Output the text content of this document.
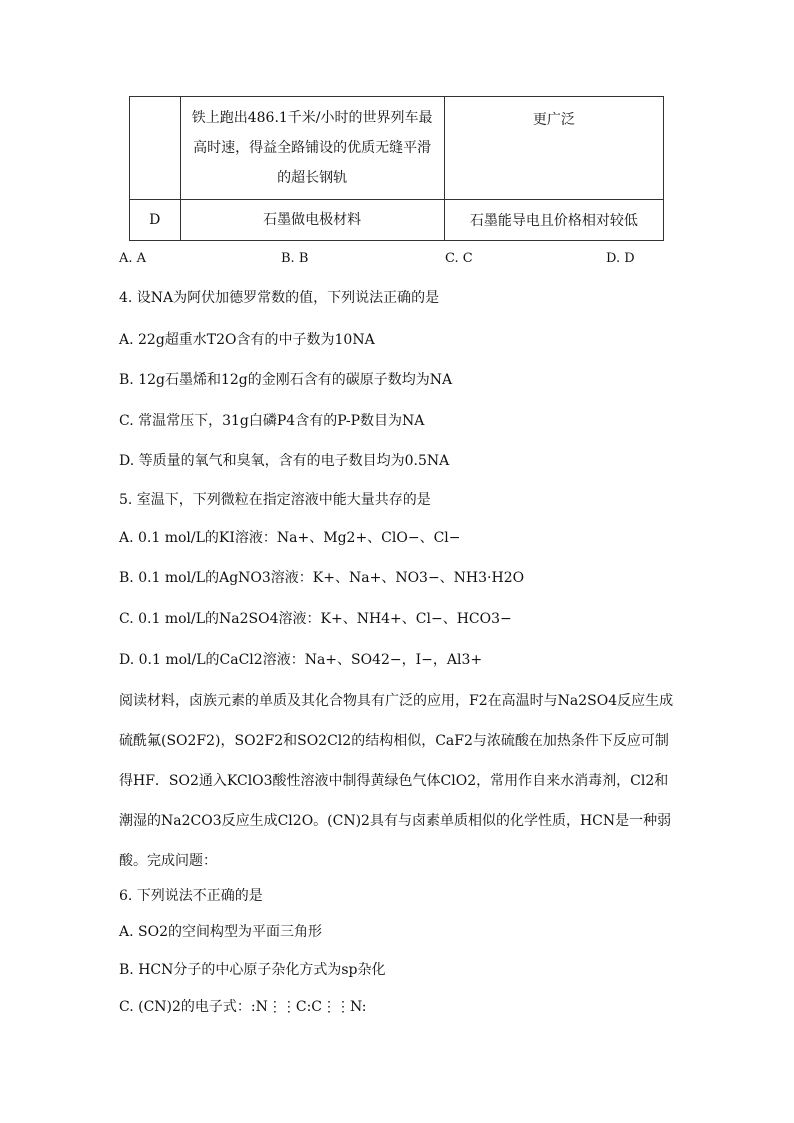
	铁上跑出486.1千米/小时的世界列车最高时速，得益全路铺设的优质无缝平滑的超长钢轨	更广泛
D	石墨做电极材料	石墨能导电且价格相对较低
A. A	B. B	C. C	D. D
4. 设NA为阿伏加德罗常数的值，下列说法正确的是
A. 22g超重水T2O含有的中子数为10NA
B. 12g石墨烯和12g的金刚石含有的碳原子数均为NA
C. 常温常压下，31g白磷P4含有的P-P数目为NA
D. 等质量的氧气和臭氧，含有的电子数目均为0.5NA
5. 室温下，下列微粒在指定溶液中能大量共存的是
A. 0.1 mol/L的KI溶液：Na+、Mg2+、ClO−、Cl−
B. 0.1 mol/L的AgNO3溶液：K+、Na+、NO3−、NH3·H2O
C. 0.1 mol/L的Na2SO4溶液：K+、NH4+、Cl−、HCO3−
D. 0.1 mol/L的CaCl2溶液：Na+、SO42−，I−，Al3+
阅读材料，卤族元素的单质及其化合物具有广泛的应用，F2在高温时与Na2SO4反应生成硫酰氟(SO2F2)，SO2F2和SO2Cl2的结构相似，CaF2与浓硫酸在加热条件下反应可制得HF．SO2通入KClO3酸性溶液中制得黄绿色气体ClO2，常用作自来水消毒剂，Cl2和潮湿的Na2CO3反应生成Cl2O。(CN)2具有与卤素单质相似的化学性质，HCN是一种弱酸。完成问题：
6. 下列说法不正确的是
A. SO2的空间构型为平面三角形
B. HCN分子的中心原子杂化方式为sp杂化
C. (CN)2的电子式：:N⋮⋮C:C⋮⋮N:
